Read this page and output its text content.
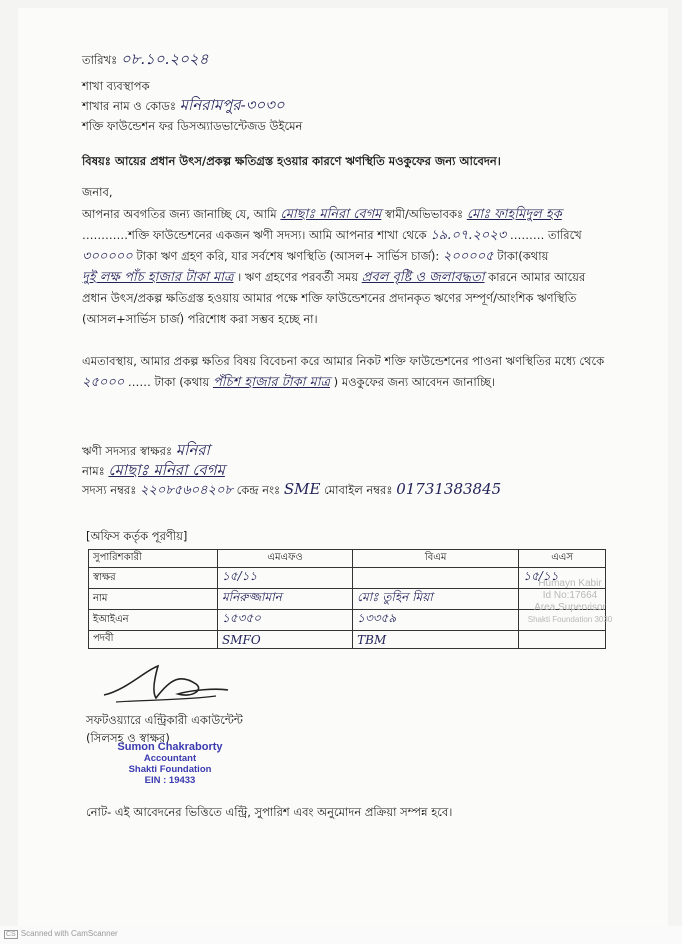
তারিখঃ ০৮.১০.২০২৪
শাখা ব্যবস্থাপক
শাখার নাম ও কোডঃ মনিরামপুর-৩০৩০
শক্তি ফাউন্ডেশন ফর ডিসঅ্যাডভান্টেজড উইমেন
বিষয়ঃ আয়ের প্রধান উৎস/প্রকল্প ক্ষতিগ্রস্ত হওয়ার কারণে ঋণস্থিতি মওকুফের জন্য আবেদন।
জনাব,
আপনার অবগতির জন্য জানাচ্ছি যে, আমি মোছাঃ মনিরা বেগম স্বামী/অভিভাবকঃ মোঃ ফাহমিদুল হক …………শক্তি ফাউন্ডেশনের একজন ঋণী সদস্য। আমি আপনার শাখা থেকে ১৯.০৭.২০২৩ ……… তারিখে ৩০০০০০ টাকা ঋণ গ্রহণ করি, যার সর্বশেষ ঋণস্থিতি (আসল+ সার্ভিস চার্জ): ২০০০০৫ টাকা(কথায় দুই লক্ষ পাঁচ হাজার টাকা মাত্র । ঋণ গ্রহণের পরবর্তী সময় প্রবল বৃষ্টি ও জলাবদ্ধতা কারনে আমার আয়ের প্রধান উৎস/প্রকল্প ক্ষতিগ্রস্ত হওয়ায় আমার পক্ষে শক্তি ফাউন্ডেশনের প্রদানকৃত ঋণের সম্পূর্ণ/আংশিক ঋণস্থিতি (আসল+সার্ভিস চার্জ) পরিশোধ করা সম্ভব হচ্ছে না।
এমতাবস্থায়, আমার প্রকল্প ক্ষতির বিষয় বিবেচনা করে আমার নিকট শক্তি ফাউন্ডেশনের পাওনা ঋণস্থিতির মধ্যে থেকে ২৫০০০ …… টাকা (কথায় পঁচিশ হাজার টাকা মাত্র ) মওকুফের জন্য আবেদন জানাচ্ছি।
ঋণী সদস্যর স্বাক্ষরঃ মনিরা
নামঃ মোছাঃ মনিরা বেগম
সদস্য নম্বরঃ ২২০৮৫৬০৪২০৮ কেন্দ্র নংঃ SME মোবাইল নম্বরঃ 01731383845
[অফিস কর্তৃক পূরণীয়]
সুপারিশকারী	এমএফও	বিএম	এএস
স্বাক্ষর	১৫/১১		১৫/১১
নাম	মনিরুজ্জামান	মোঃ তুহিন মিয়া	
ইআইএন	১৫৩৫০	১৩৩৫৯	
পদবী	SMFO	TBM	
Humayn Kabir
Id No:17664
Area Supervisor
Shakti Foundation 3030
সফটওয়্যারে এন্ট্রিকারী একাউন্টেন্ট
(সিলসহ ও স্বাক্ষর)
Sumon Chakraborty
Accountant
Shakti Foundation
EIN : 19433
নোট- এই আবেদনের ভিত্তিতে এন্ট্রি, সুপারিশ এবং অনুমোদন প্রক্রিয়া সম্পন্ন হবে।
CS Scanned with CamScanner
